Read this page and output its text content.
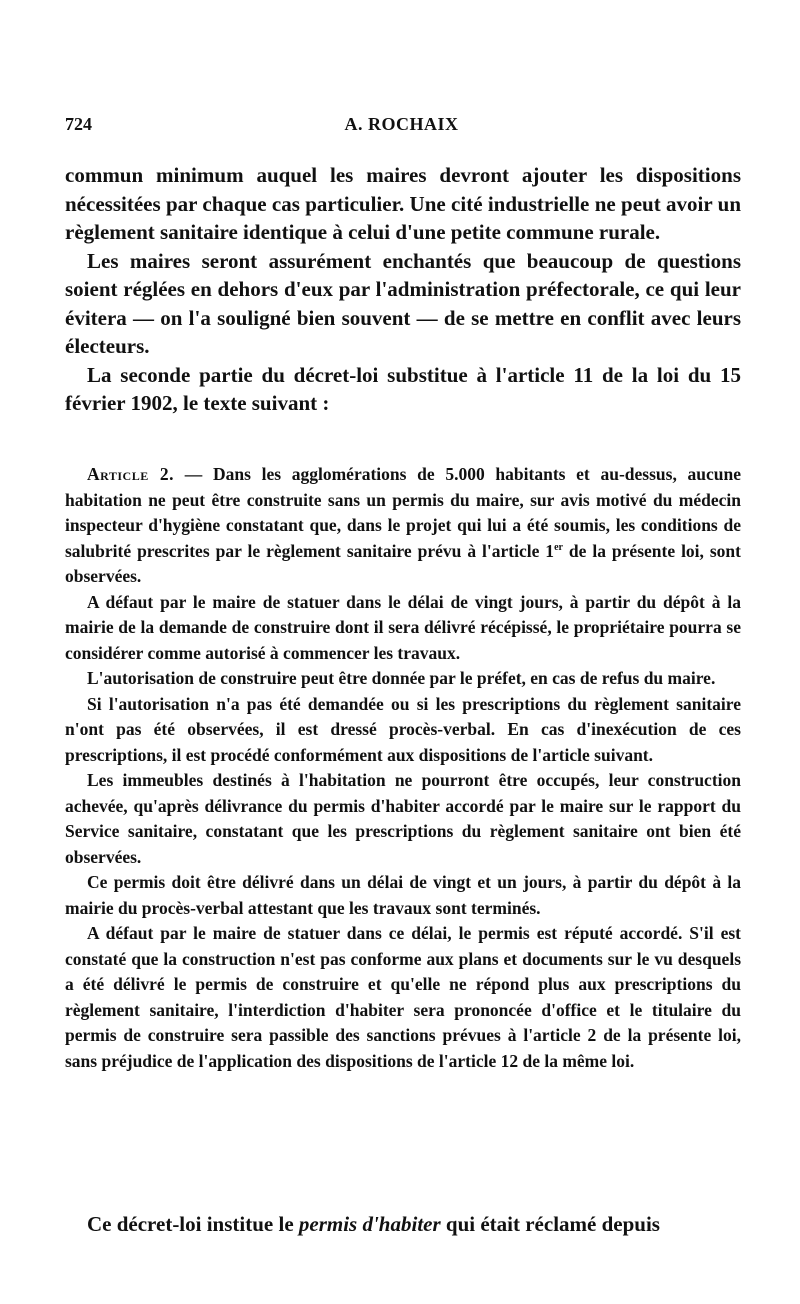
724	A. ROCHAIX

commun minimum auquel les maires devront ajouter les dispositions nécessitées par chaque cas particulier. Une cité industrielle ne peut avoir un règlement sanitaire identique à celui d'une petite commune rurale.

Les maires seront assurément enchantés que beaucoup de questions soient réglées en dehors d'eux par l'administration préfectorale, ce qui leur évitera — on l'a souligné bien souvent — de se mettre en conflit avec leurs électeurs.

La seconde partie du décret-loi substitue à l'article 11 de la loi du 15 février 1902, le texte suivant :

Article 2. — Dans les agglomérations de 5.000 habitants et au-dessus, aucune habitation ne peut être construite sans un permis du maire, sur avis motivé du médecin inspecteur d'hygiène constatant que, dans le projet qui lui a été soumis, les conditions de salubrité prescrites par le règlement sanitaire prévu à l'article 1er de la présente loi, sont observées.

A défaut par le maire de statuer dans le délai de vingt jours, à partir du dépôt à la mairie de la demande de construire dont il sera délivré récépissé, le propriétaire pourra se considérer comme autorisé à commencer les travaux.

L'autorisation de construire peut être donnée par le préfet, en cas de refus du maire.

Si l'autorisation n'a pas été demandée ou si les prescriptions du règlement sanitaire n'ont pas été observées, il est dressé procès-verbal. En cas d'inexécution de ces prescriptions, il est procédé conformément aux dispositions de l'article suivant.

Les immeubles destinés à l'habitation ne pourront être occupés, leur construction achevée, qu'après délivrance du permis d'habiter accordé par le maire sur le rapport du Service sanitaire, constatant que les prescriptions du règlement sanitaire ont bien été observées.

Ce permis doit être délivré dans un délai de vingt et un jours, à partir du dépôt à la mairie du procès-verbal attestant que les travaux sont terminés.

A défaut par le maire de statuer dans ce délai, le permis est réputé accordé. S'il est constaté que la construction n'est pas conforme aux plans et documents sur le vu desquels a été délivré le permis de construire et qu'elle ne répond plus aux prescriptions du règlement sanitaire, l'interdiction d'habiter sera prononcée d'office et le titulaire du permis de construire sera passible des sanctions prévues à l'article 2 de la présente loi, sans préjudice de l'application des dispositions de l'article 12 de la même loi.

Ce décret-loi institue le permis d'habiter qui était réclamé depuis
